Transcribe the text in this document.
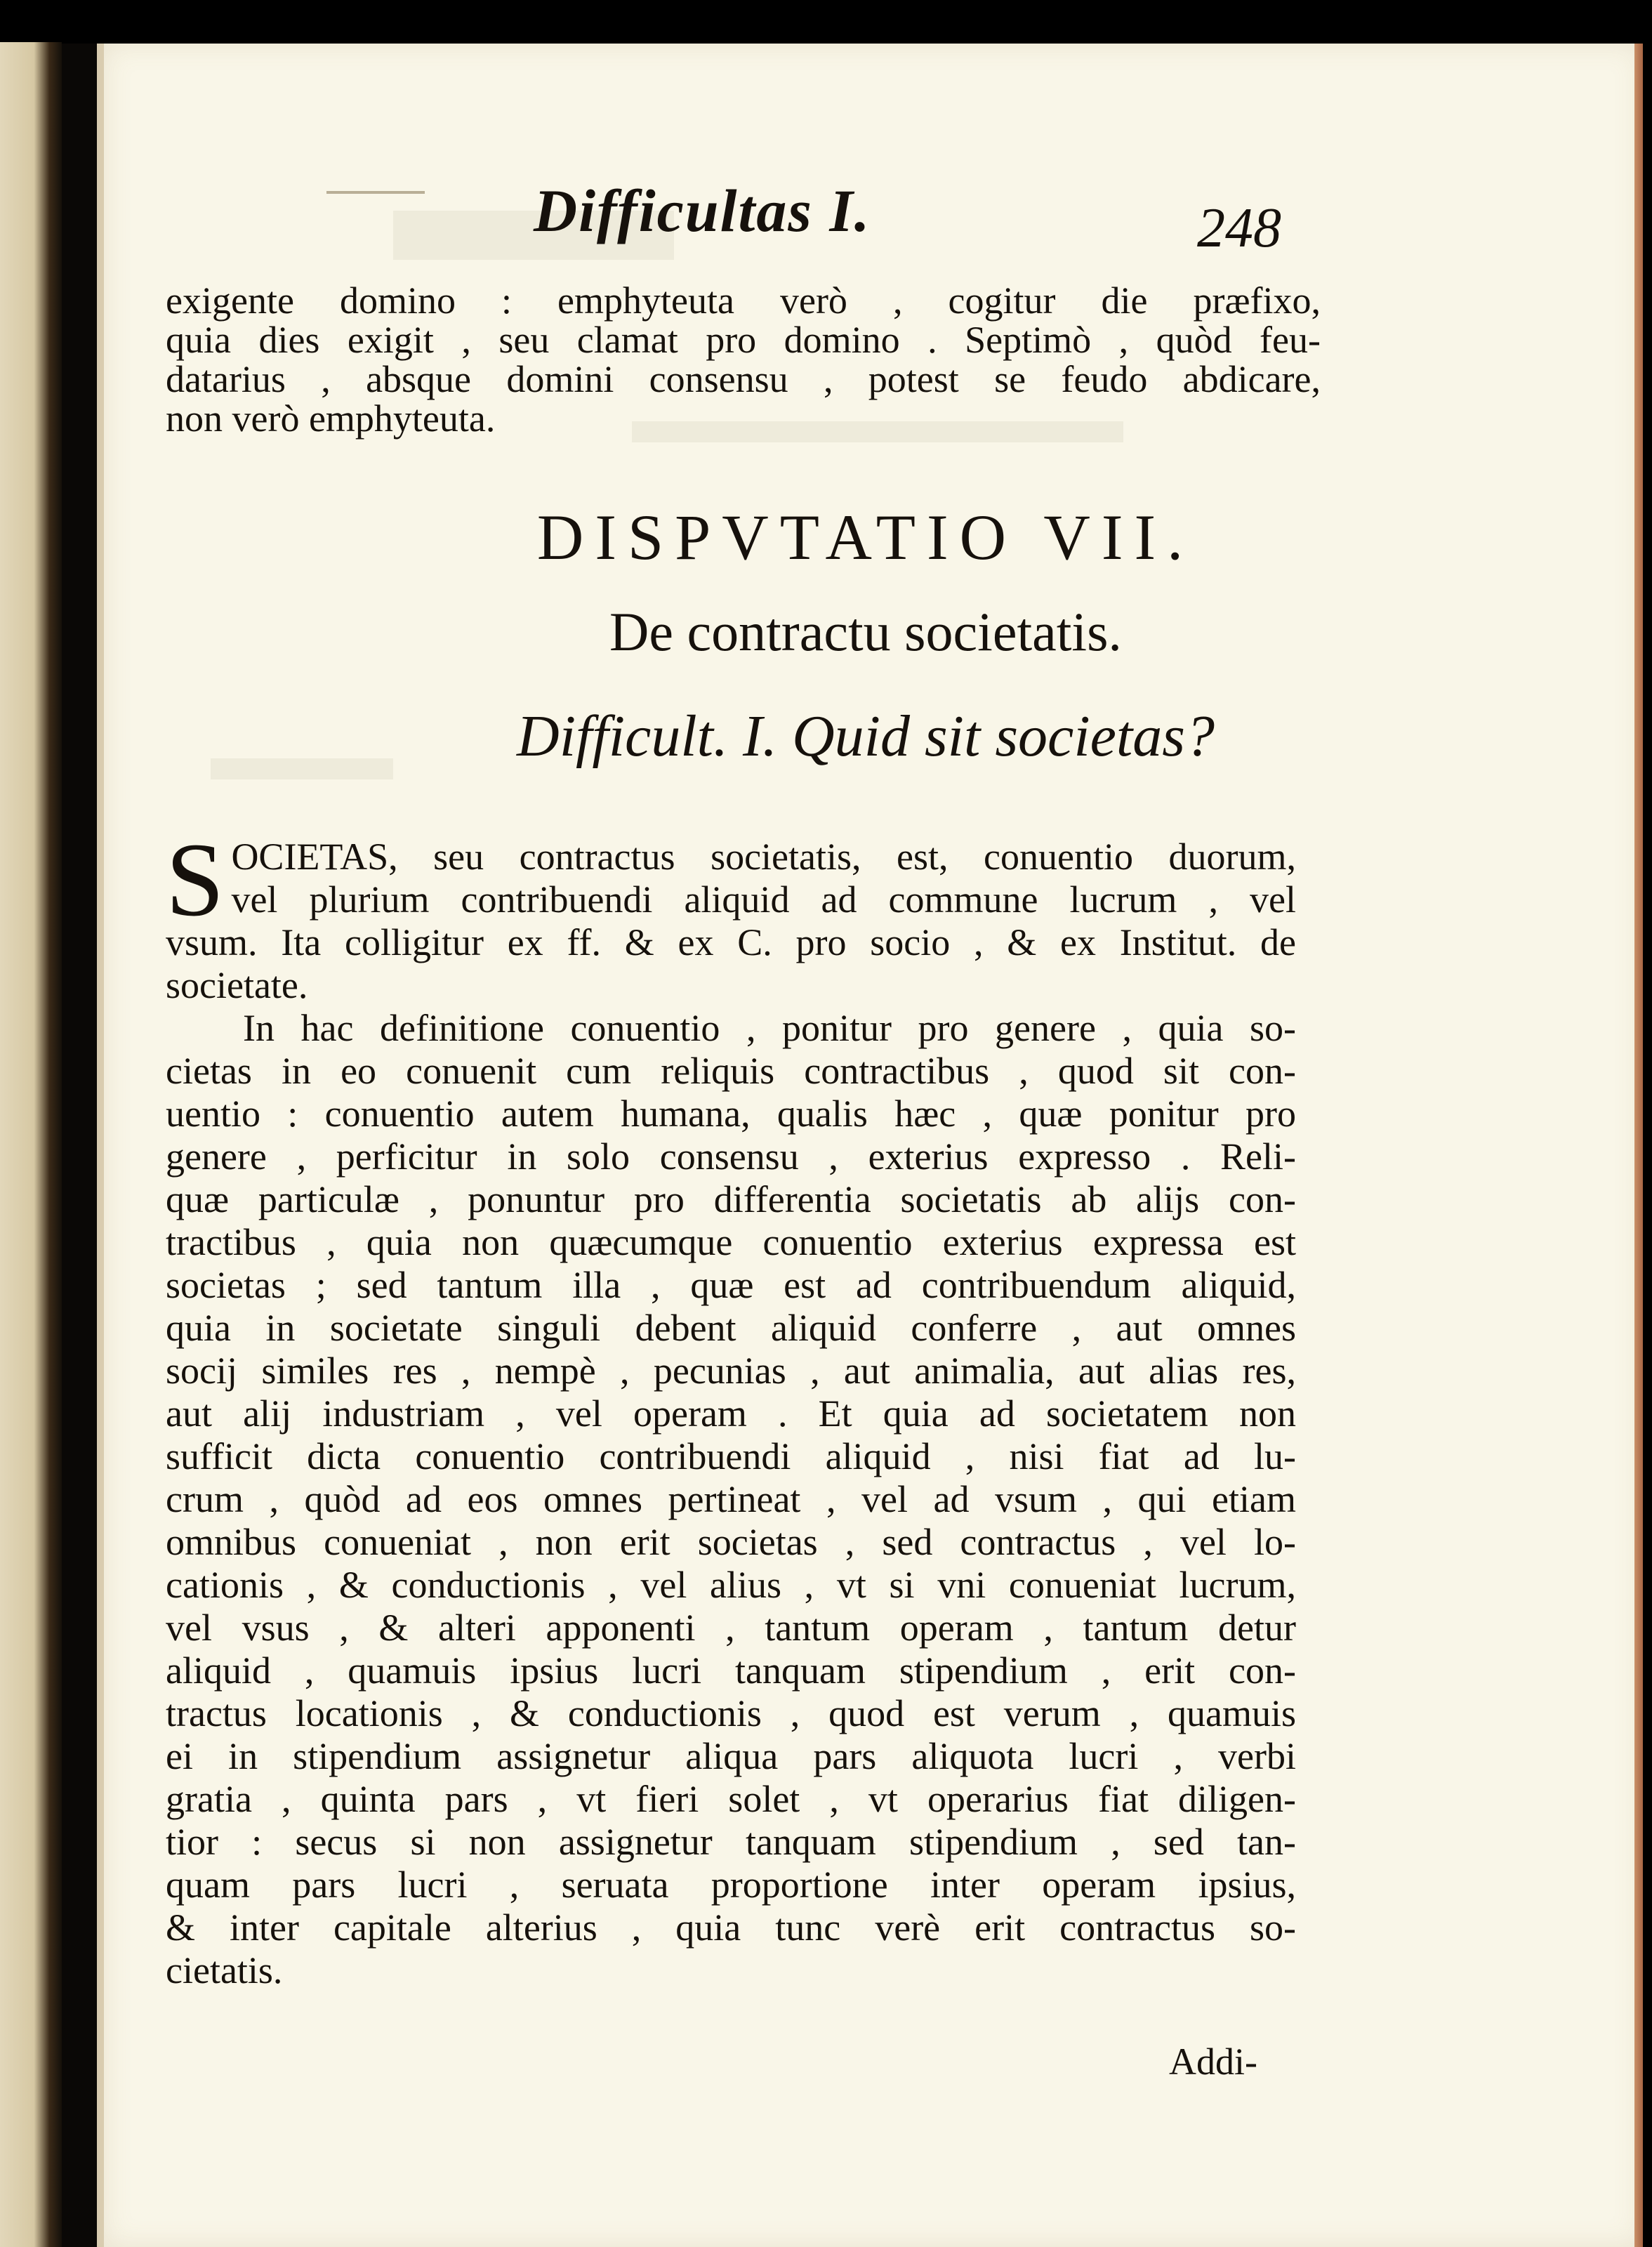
Difficultas I.	248

exigente domino : emphyteuta verò , cogitur die præfixo,

quia dies exigit , seu clamat pro domino . Septimò , quòd feu-

datarius , absque domini consensu , potest se feudo abdicare,

non verò emphyteuta.

DISPVTATIO VII.
De contractu societatis.
Difficult. I. Quid sit societas?
S OCIETAS, seu contractus societatis, est, conuentio duorum,

vel plurium contribuendi aliquid ad commune lucrum , vel

vsum. Ita colligitur ex ff. & ex C. pro socio , & ex Institut. de

societate.

In hac definitione conuentio , ponitur pro genere , quia so-

cietas in eo conuenit cum reliquis contractibus , quod sit con-

uentio : conuentio autem humana, qualis hæc , quæ ponitur pro

genere , perficitur in solo consensu , exterius expresso . Reli-

quæ particulæ , ponuntur pro differentia societatis ab alijs con-

tractibus , quia non quæcumque conuentio exterius expressa est

societas ; sed tantum illa , quæ est ad contribuendum aliquid,

quia in societate singuli debent aliquid conferre , aut omnes

socij similes res , nempè , pecunias , aut animalia, aut alias res,

aut alij industriam , vel operam . Et quia ad societatem non

sufficit dicta conuentio contribuendi aliquid , nisi fiat ad lu-

crum , quòd ad eos omnes pertineat , vel ad vsum , qui etiam

omnibus conueniat , non erit societas , sed contractus , vel lo-

cationis , & conductionis , vel alius , vt si vni conueniat lucrum,

vel vsus , & alteri apponenti , tantum operam , tantum detur

aliquid , quamuis ipsius lucri tanquam stipendium , erit con-

tractus locationis , & conductionis , quod est verum , quamuis

ei in stipendium assignetur aliqua pars aliquota lucri , verbi

gratia , quinta pars , vt fieri solet , vt operarius fiat diligen-

tior : secus si non assignetur tanquam stipendium , sed tan-

quam pars lucri , seruata proportione inter operam ipsius,

& inter capitale alterius , quia tunc verè erit contractus so-

cietatis.

Addi-
